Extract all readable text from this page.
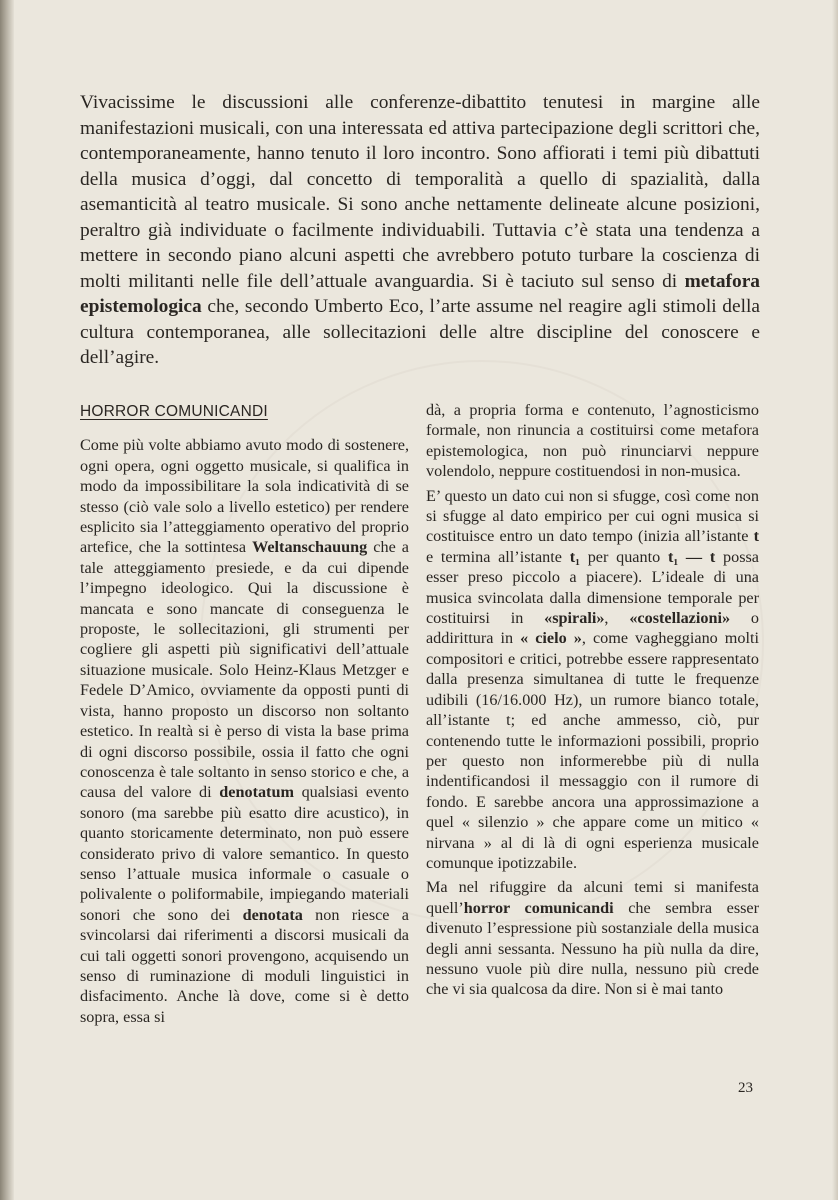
Vivacissime le discussioni alle conferenze-dibattito tenutesi in margine alle manifestazioni musicali, con una interessata ed attiva partecipazione degli scrittori che, contemporaneamente, hanno tenuto il loro incontro. Sono affiorati i temi più dibattuti della musica d’oggi, dal concetto di temporalità a quello di spazialità, dalla asemanticità al teatro musicale. Si sono anche nettamente delineate alcune posizioni, peraltro già individuate o facilmente individuabili. Tuttavia c’è stata una tendenza a mettere in secondo piano alcuni aspetti che avrebbero potuto turbare la coscienza di molti militanti nelle file dell’attuale avanguardia. Si è taciuto sul senso di metafora epistemologica che, secondo Umberto Eco, l’arte assume nel reagire agli stimoli della cultura contemporanea, alle sollecitazioni delle altre discipline del conoscere e dell’agire.

HORROR COMUNICANDI

Come più volte abbiamo avuto modo di sostenere, ogni opera, ogni oggetto musicale, si qualifica in modo da impossibilitare la sola indicatività di se stesso (ciò vale solo a livello estetico) per rendere esplicito sia l’atteggiamento operativo del proprio artefice, che la sottintesa Weltanschauung che a tale atteggiamento presiede, e da cui dipende l’impegno ideologico. Qui la discussione è mancata e sono mancate di conseguenza le proposte, le sollecitazioni, gli strumenti per cogliere gli aspetti più significativi dell’attuale situazione musicale. Solo Heinz-Klaus Metzger e Fedele D’Amico, ovviamente da opposti punti di vista, hanno proposto un discorso non soltanto estetico. In realtà si è perso di vista la base prima di ogni discorso possibile, ossia il fatto che ogni conoscenza è tale soltanto in senso storico e che, a causa del valore di denotatum qualsiasi evento sonoro (ma sarebbe più esatto dire acustico), in quanto storicamente determinato, non può essere considerato privo di valore semantico. In questo senso l’attuale musica informale o casuale o polivalente o poliformabile, impiegando materiali sonori che sono dei denotata non riesce a svincolarsi dai riferimenti a discorsi musicali da cui tali oggetti sonori provengono, acquisendo un senso di ruminazione di moduli linguistici in disfacimento. Anche là dove, come si è detto sopra, essa si

dà, a propria forma e contenuto, l’agnosticismo formale, non rinuncia a costituirsi come metafora epistemologica, non può rinunciarvi neppure volendolo, neppure costituendosi in non-musica.

E’ questo un dato cui non si sfugge, così come non si sfugge al dato empirico per cui ogni musica si costituisce entro un dato tempo (inizia all’istante t e termina all’istante t₁ per quanto t₁ — t possa esser preso piccolo a piacere). L’ideale di una musica svincolata dalla dimensione temporale per costituirsi in «spirali», «costellazioni» o addirittura in « cielo », come vagheggiano molti compositori e critici, potrebbe essere rappresentato dalla presenza simultanea di tutte le frequenze udibili (16/16.000 Hz), un rumore bianco totale, all’istante t; ed anche ammesso, ciò, pur contenendo tutte le informazioni possibili, proprio per questo non informerebbe più di nulla indentificandosi il messaggio con il rumore di fondo. E sarebbe ancora una approssimazione a quel « silenzio » che appare come un mitico « nirvana » al di là di ogni esperienza musicale comunque ipotizzabile.

Ma nel rifuggire da alcuni temi si manifesta quell’horror comunicandi che sembra esser divenuto l’espressione più sostanziale della musica degli anni sessanta. Nessuno ha più nulla da dire, nessuno vuole più dire nulla, nessuno più crede che vi sia qualcosa da dire. Non si è mai tanto

23
